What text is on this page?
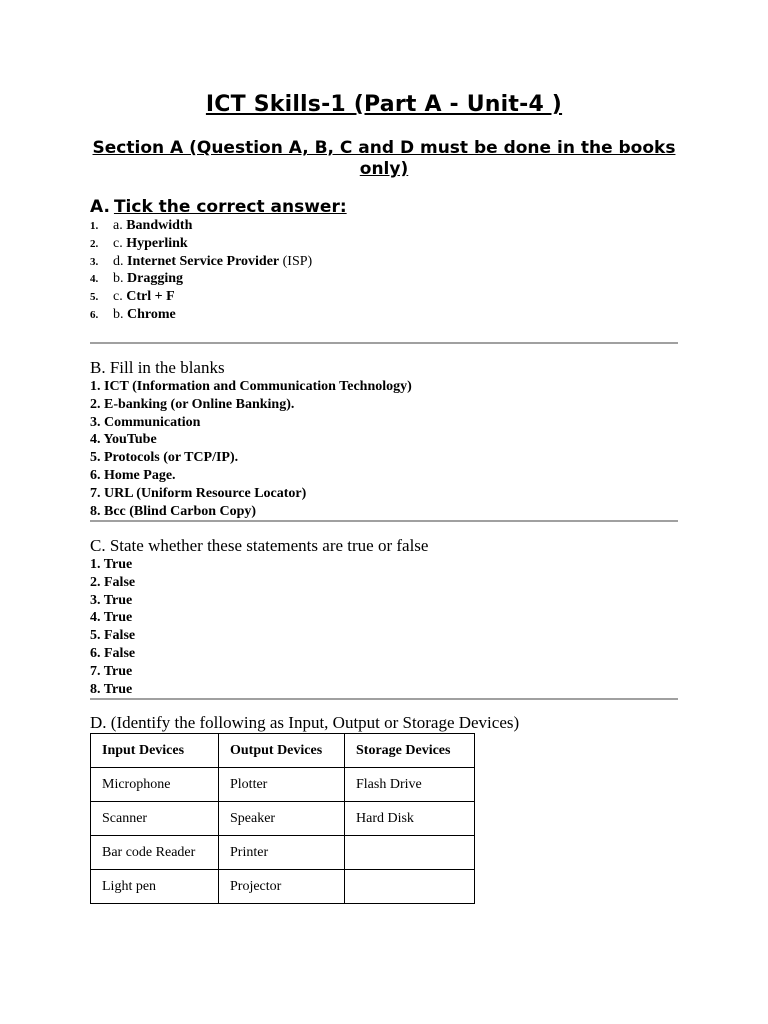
ICT Skills-1 (Part A - Unit-4 )
Section A (Question A, B, C and D must be done in the books only)
A. Tick the correct answer:
1. a. Bandwidth
2. c. Hyperlink
3. d. Internet Service Provider (ISP)
4. b. Dragging
5. c. Ctrl + F
6. b. Chrome
B. Fill in the blanks
1. ICT (Information and Communication Technology)
2. E-banking (or Online Banking).
3. Communication
4. YouTube
5. Protocols (or TCP/IP).
6. Home Page.
7. URL (Uniform Resource Locator)
8. Bcc (Blind Carbon Copy)
C. State whether these statements are true or false
1. True
2. False
3. True
4. True
5. False
6. False
7. True
8. True
D. (Identify the following as Input, Output or Storage Devices)
Input Devices	Output Devices	Storage Devices
Microphone	Plotter	Flash Drive
Scanner	Speaker	Hard Disk
Bar code Reader	Printer	
Light pen	Projector	
